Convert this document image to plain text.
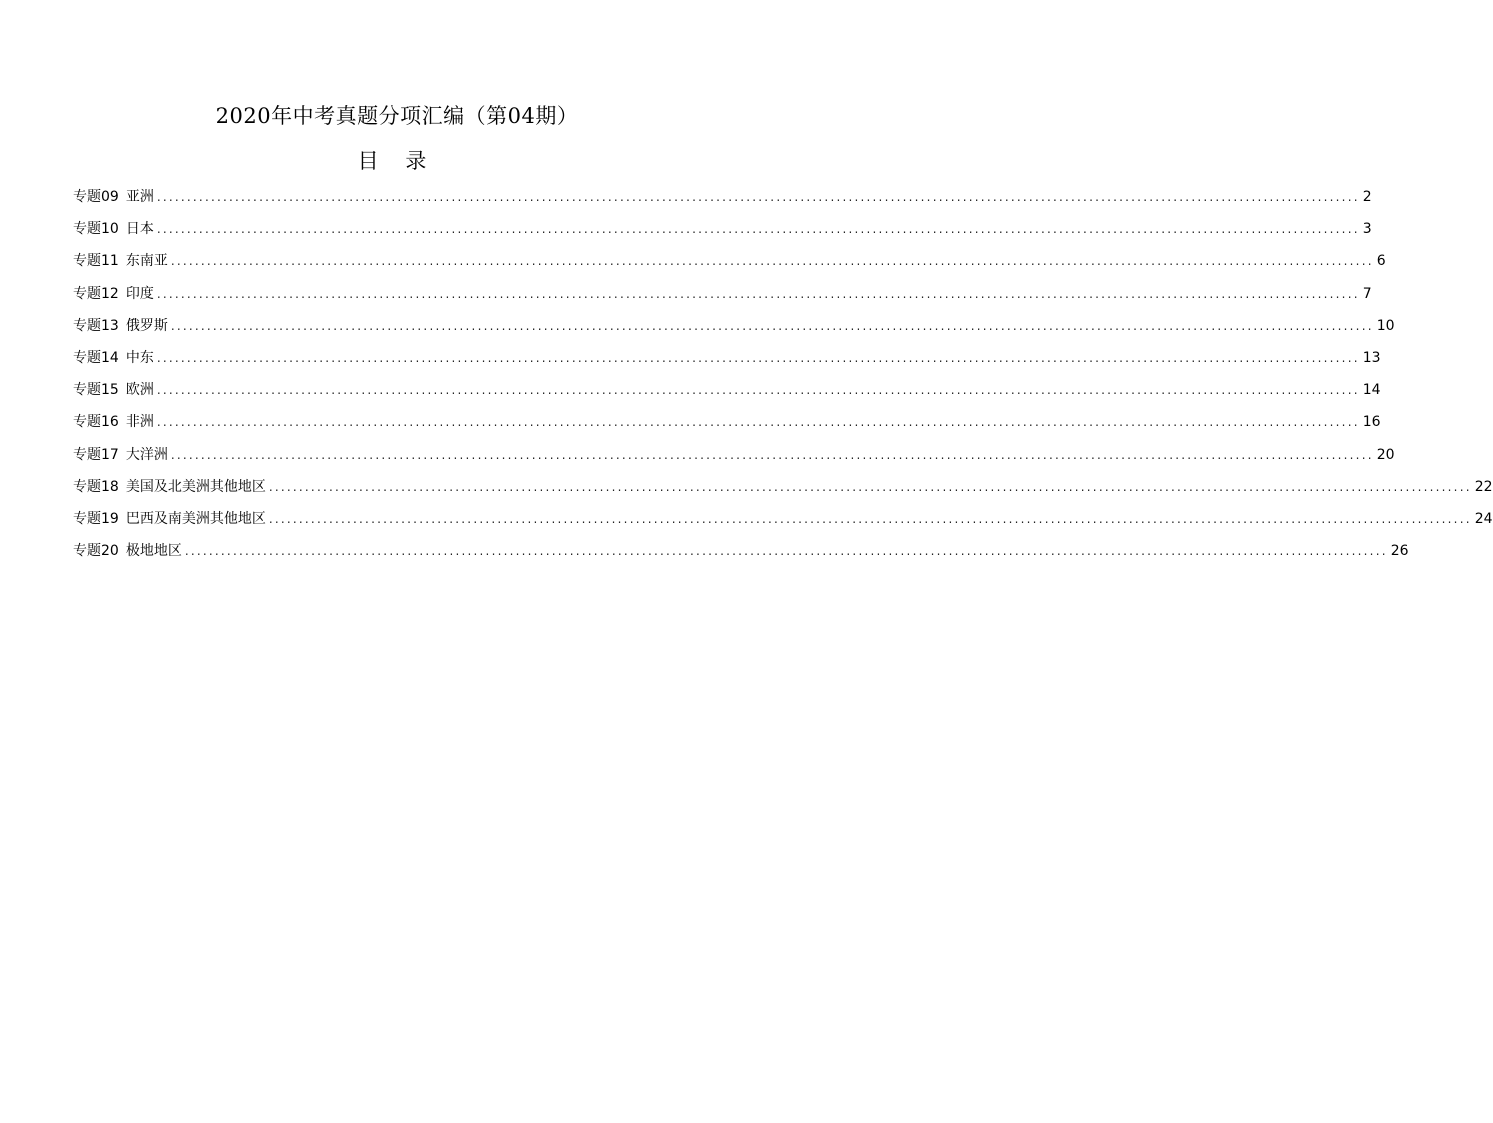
2020年中考真题分项汇编（第04期）
目 录
专题09 亚洲 ........................................................................................................................................................................................................ 2
专题10 日本 ........................................................................................................................................................................................................ 3
专题11 东南亚 ........................................................................................................................................................................................................ 6
专题12 印度 ........................................................................................................................................................................................................ 7
专题13 俄罗斯 ........................................................................................................................................................................................................ 10
专题14 中东 ........................................................................................................................................................................................................ 13
专题15 欧洲 ........................................................................................................................................................................................................ 14
专题16 非洲 ........................................................................................................................................................................................................ 16
专题17 大洋洲 ........................................................................................................................................................................................................ 20
专题18 美国及北美洲其他地区 ........................................................................................................................................................................................................ 22
专题19 巴西及南美洲其他地区 ........................................................................................................................................................................................................ 24
专题20 极地地区 ........................................................................................................................................................................................................ 26
